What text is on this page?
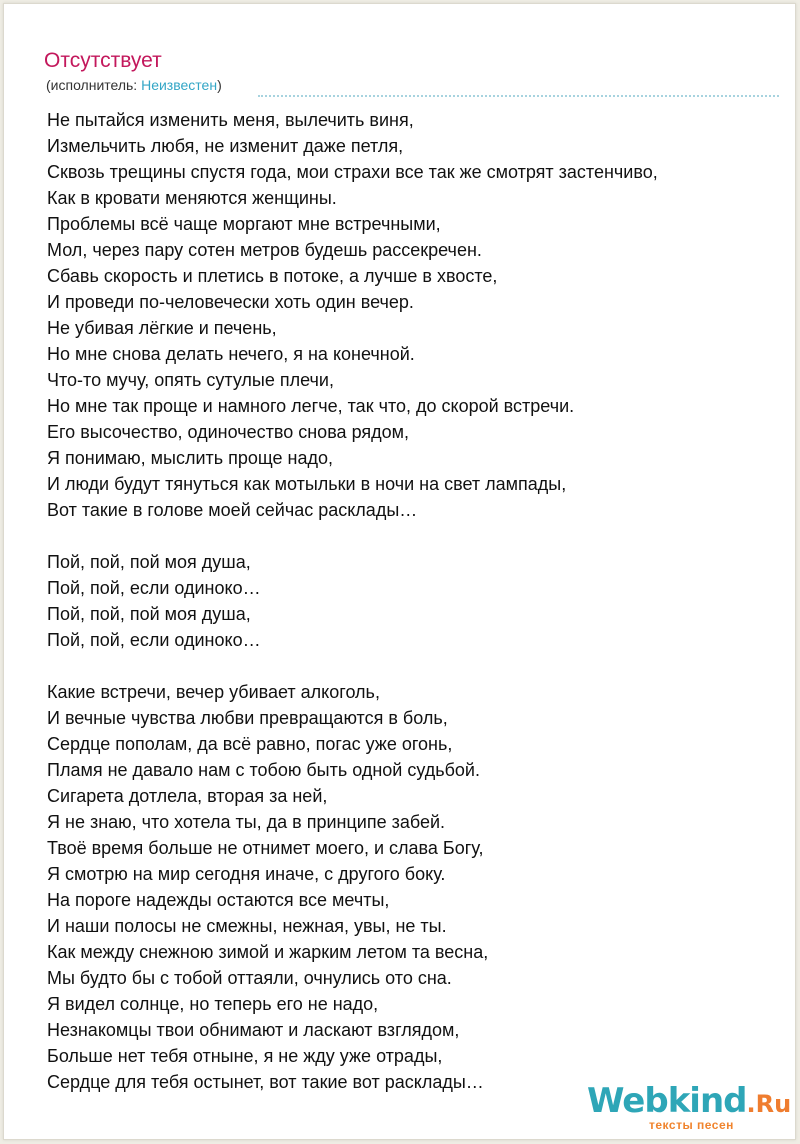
Отсутствует
(исполнитель: Неизвестен)
Не пытайся изменить меня, вылечить виня,
Измельчить любя, не изменит даже петля,
Сквозь трещины спустя года, мои страхи все так же смотрят застенчиво,
Как в кровати меняются женщины.
Проблемы всё чаще моргают мне встречными,
Мол, через пару сотен метров будешь рассекречен.
Сбавь скорость и плетись в потоке, а лучше в хвосте,
И проведи по-человечески хоть один вечер.
Не убивая лёгкие и печень,
Но мне снова делать нечего, я на конечной.
Что-то мучу, опять сутулые плечи,
Но мне так проще и намного легче, так что, до скорой встречи.
Его высочество, одиночество снова рядом,
Я понимаю, мыслить проще надо,
И люди будут тянуться как мотыльки в ночи на свет лампады,
Вот такие в голове моей сейчас расклады…
Пой, пой, пой моя душа,
Пой, пой, если одиноко…
Пой, пой, пой моя душа,
Пой, пой, если одиноко…
Какие встречи, вечер убивает алкоголь,
И вечные чувства любви превращаются в боль,
Сердце пополам, да всё равно, погас уже огонь,
Пламя не давало нам с тобою быть одной судьбой.
Сигарета дотлела, вторая за ней,
Я не знаю, что хотела ты, да в принципе забей.
Твоё время больше не отнимет моего, и слава Богу,
Я смотрю на мир сегодня иначе, с другого боку.
На пороге надежды остаются все мечты,
И наши полосы не смежны, нежная, увы, не ты.
Как между снежною зимой и жарким летом та весна,
Мы будто бы с тобой оттаяли, очнулись ото сна.
Я видел солнце, но теперь его не надо,
Незнакомцы твои обнимают и ласкают взглядом,
Больше нет тебя отныне, я не жду уже отрады,
Сердце для тебя остынет, вот такие вот расклады…	Webkind.Ru
тексты песен
